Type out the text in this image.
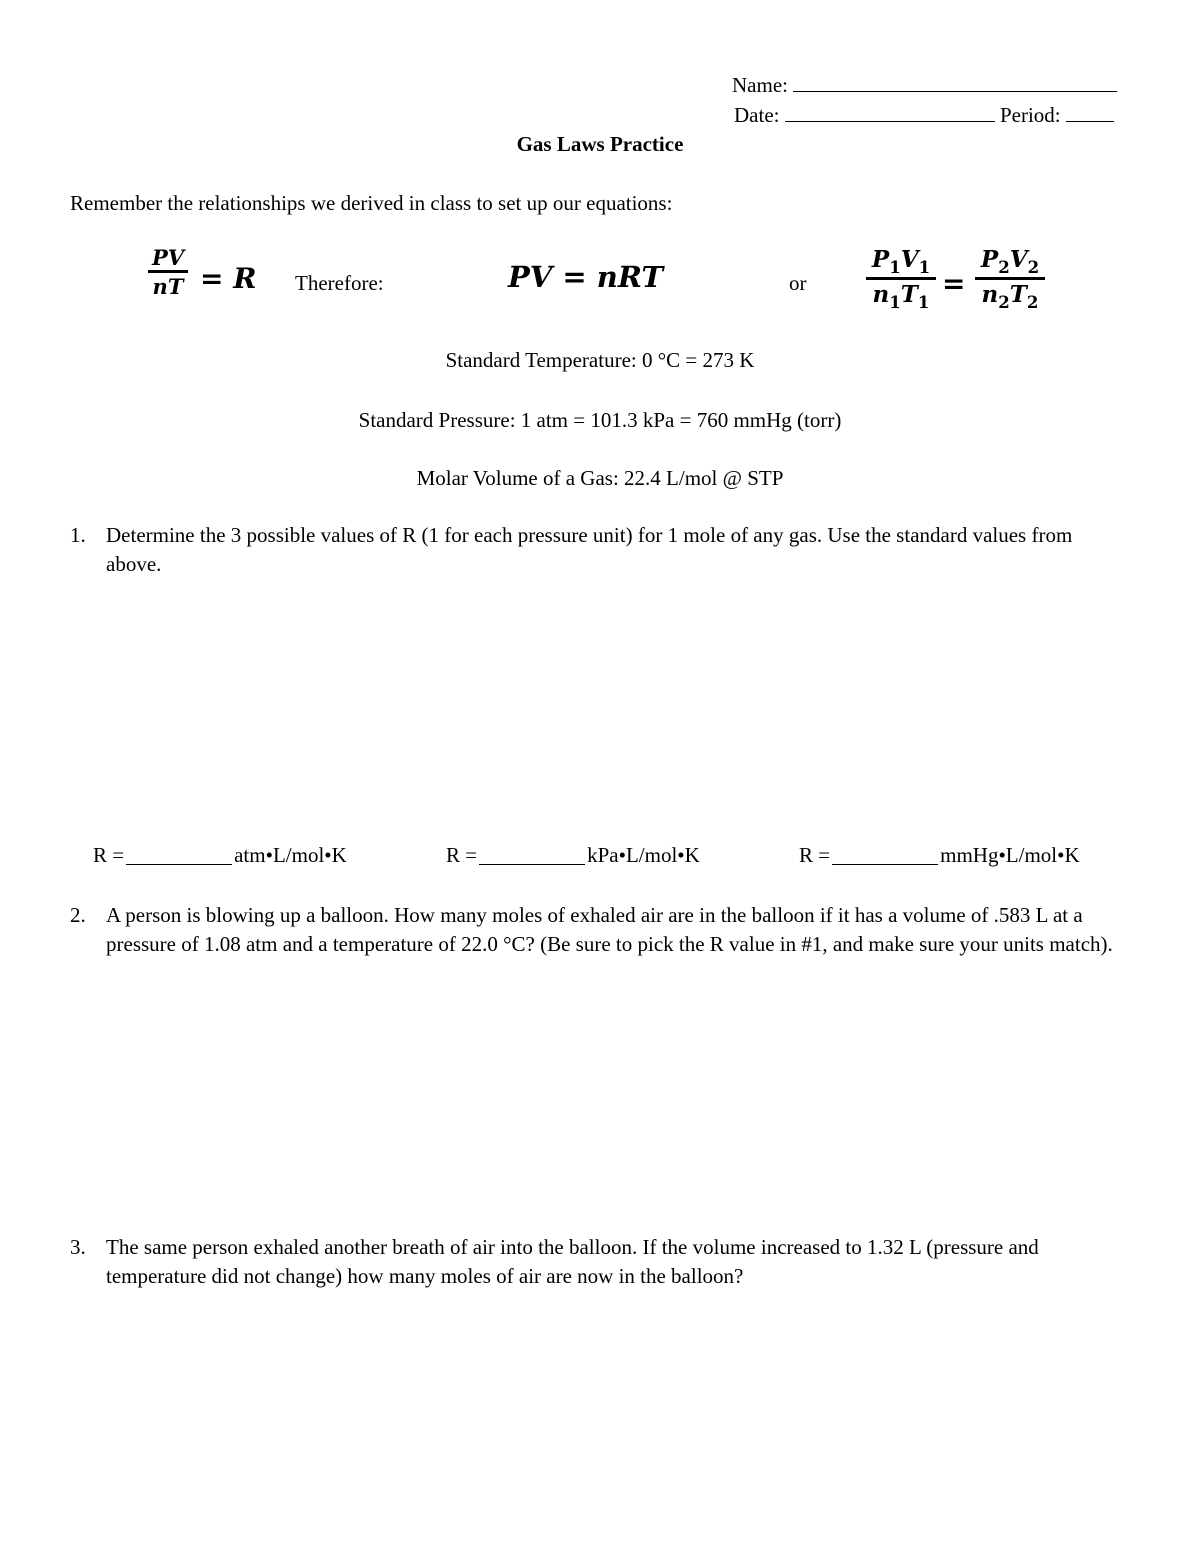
Name:
Date:	Period:
Gas Laws Practice
Remember the relationships we derived in class to set up our equations:
PV
nT = R Therefore:	PV = nRT	or
$P_1V_1$
$n_1T_1$
=
$P_2V_2$
$n_2T_2$
Standard Temperature: 0 °C = 273 K
Standard Pressure: 1 atm = 101.3 kPa = 760 mmHg (torr)
Molar Volume of a Gas: 22.4 L/mol @ STP
1. Determine the 3 possible values of R (1 for each pressure unit) for 1 mole of any gas. Use the standard values from above.
R =	atm•L/mol•K	R =	kPa•L/mol•K	R =	mmHg•L/mol•K
2. A person is blowing up a balloon. How many moles of exhaled air are in the balloon if it has a volume of .583 L at a pressure of 1.08 atm and a temperature of 22.0 °C? (Be sure to pick the R value in #1, and make sure your units match).
3. The same person exhaled another breath of air into the balloon. If the volume increased to 1.32 L (pressure and temperature did not change) how many moles of air are now in the balloon?
